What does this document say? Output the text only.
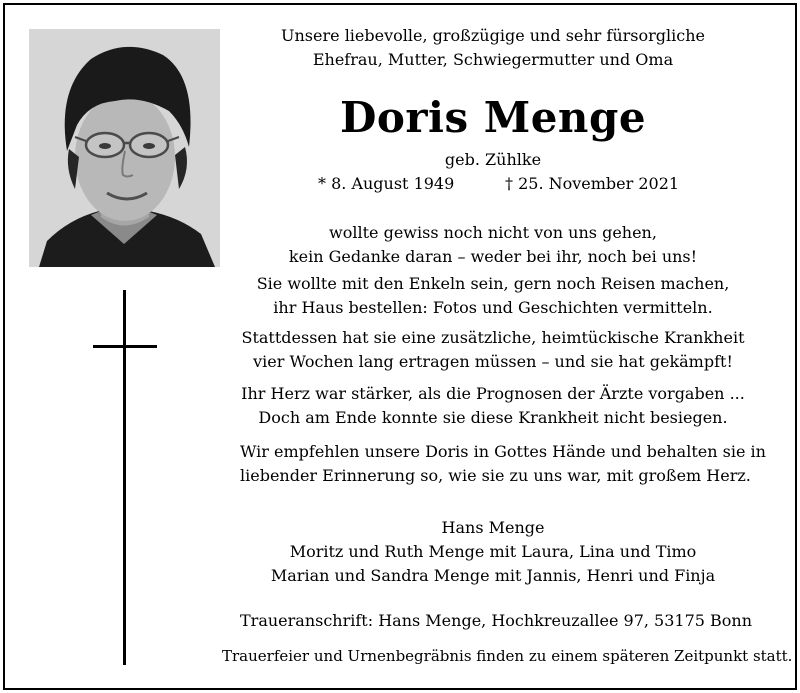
Unsere liebevolle, großzügige und sehr fürsorgliche
Ehefrau, Mutter, Schwiegermutter und Oma
Doris Menge
geb. Zühlke
* 8. August 1949	† 25. November 2021
wollte gewiss noch nicht von uns gehen,
kein Gedanke daran – weder bei ihr, noch bei uns!
Sie wollte mit den Enkeln sein, gern noch Reisen machen,
ihr Haus bestellen: Fotos und Geschichten vermitteln.
Stattdessen hat sie eine zusätzliche, heimtückische Krankheit
vier Wochen lang ertragen müssen – und sie hat gekämpft!
Ihr Herz war stärker, als die Prognosen der Ärzte vorgaben ...
Doch am Ende konnte sie diese Krankheit nicht besiegen.
Wir empfehlen unsere Doris in Gottes Hände und behalten sie in
liebender Erinnerung so, wie sie zu uns war, mit großem Herz.
Hans Menge
Moritz und Ruth Menge mit Laura, Lina und Timo
Marian und Sandra Menge mit Jannis, Henri und Finja
Traueranschrift: Hans Menge, Hochkreuzallee 97, 53175 Bonn
Trauerfeier und Urnenbegräbnis finden zu einem späteren Zeitpunkt statt.
